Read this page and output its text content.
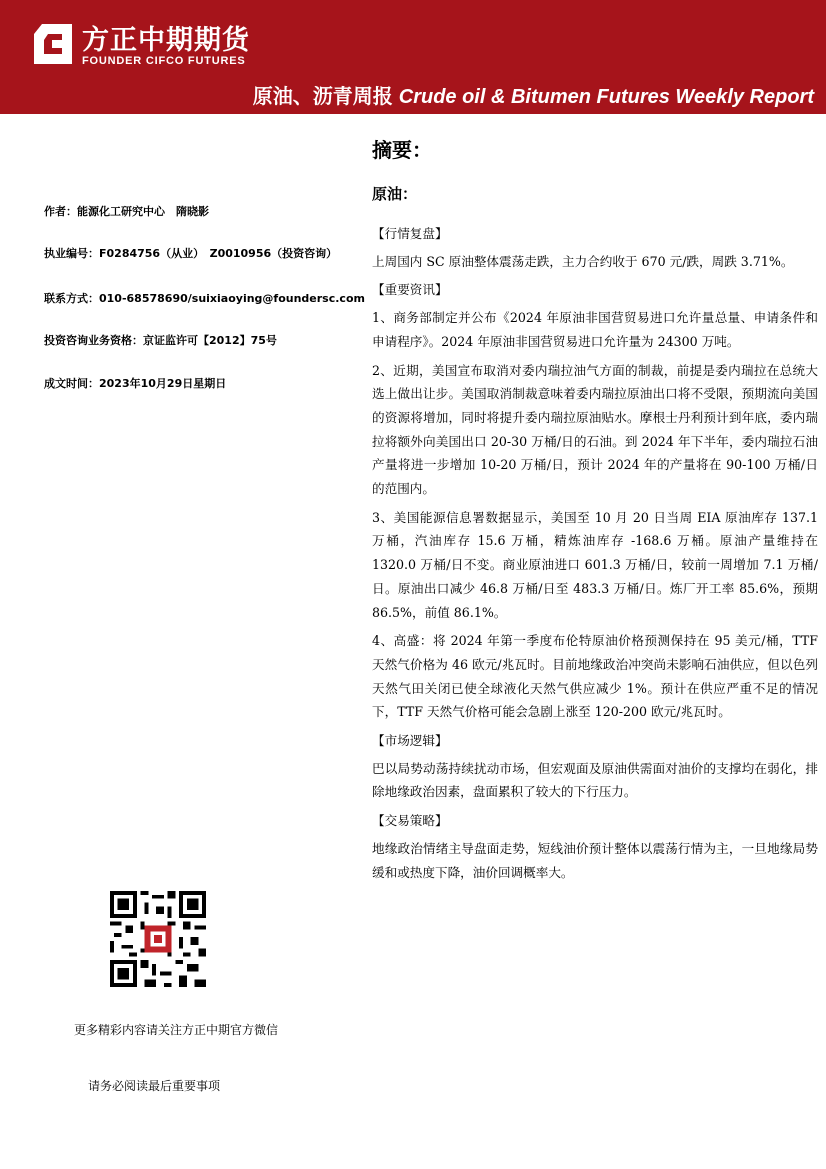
方正中期期货
FOUNDER CIFCO FUTURES
原油、沥青周报 Crude oil & Bitumen Futures Weekly Report
作者：能源化工研究中心　隋晓影
执业编号：F0284756（从业）　Z0010956（投资咨询）
联系方式：010-68578690/suixiaoying@foundersc.com
投资咨询业务资格：京证监许可【2012】75号
成文时间：2023年10月29日星期日
更多精彩内容请关注方正中期官方微信
请务必阅读最后重要事项
摘要：
原油：

【行情复盘】

上周国内 SC 原油整体震荡走跌，主力合约收于 670 元/跌，周跌 3.71%。

【重要资讯】

1、商务部制定并公布《2024 年原油非国营贸易进口允许量总量、申请条件和申请程序》。2024 年原油非国营贸易进口允许量为 24300 万吨。

2、近期，美国宣布取消对委内瑞拉油气方面的制裁，前提是委内瑞拉在总统大选上做出让步。美国取消制裁意味着委内瑞拉原油出口将不受限，预期流向美国的资源将增加，同时将提升委内瑞拉原油贴水。摩根士丹利预计到年底，委内瑞拉将额外向美国出口 20-30 万桶/日的石油。到 2024 年下半年，委内瑞拉石油产量将进一步增加 10-20 万桶/日，预计 2024 年的产量将在 90-100 万桶/日的范围内。

3、美国能源信息署数据显示，美国至 10 月 20 日当周 EIA 原油库存 137.1 万桶，汽油库存 15.6 万桶，精炼油库存 -168.6 万桶。原油产量维持在 1320.0 万桶/日不变。商业原油进口 601.3 万桶/日，较前一周增加 7.1 万桶/日。原油出口减少 46.8 万桶/日至 483.3 万桶/日。炼厂开工率 85.6%，预期 86.5%，前值 86.1%。

4、高盛：将 2024 年第一季度布伦特原油价格预测保持在 95 美元/桶，TTF 天然气价格为 46 欧元/兆瓦时。目前地缘政治冲突尚未影响石油供应，但以色列天然气田关闭已使全球液化天然气供应减少 1%。预计在供应严重不足的情况下，TTF 天然气价格可能会急剧上涨至 120-200 欧元/兆瓦时。

【市场逻辑】

巴以局势动荡持续扰动市场，但宏观面及原油供需面对油价的支撑均在弱化，排除地缘政治因素，盘面累积了较大的下行压力。

【交易策略】

地缘政治情绪主导盘面走势，短线油价预计整体以震荡行情为主，一旦地缘局势缓和或热度下降，油价回调概率大。
